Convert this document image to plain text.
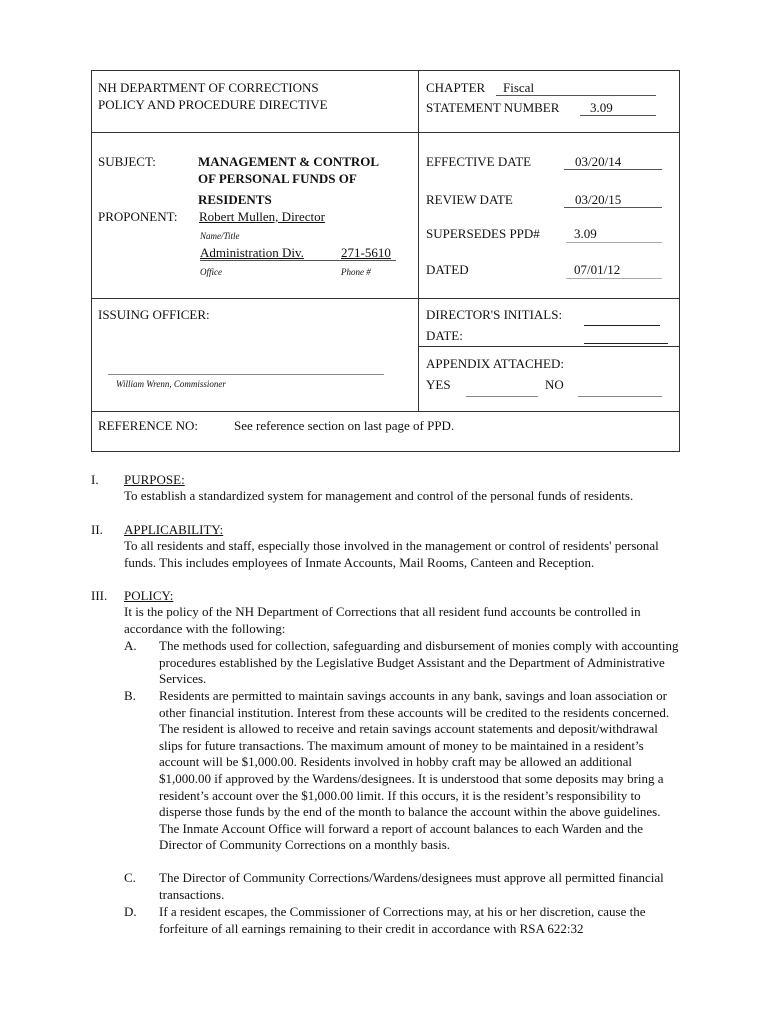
NH DEPARTMENT OF CORRECTIONS
POLICY AND PROCEDURE DIRECTIVE
CHAPTER Fiscal
STATEMENT NUMBER 3.09
SUBJECT:	MANAGEMENT & CONTROL
OF PERSONAL FUNDS OF
RESIDENTS
PROPONENT: Robert Mullen, Director
Name/Title
Administration Div.	271-5610
Office	Phone #
EFFECTIVE DATE	03/20/14
REVIEW DATE	03/20/15
SUPERSEDES PPD#	3.09
DATED	07/01/12
ISSUING OFFICER:
William Wrenn, Commissioner
DIRECTOR'S INITIALS:
DATE:
APPENDIX ATTACHED:
YES	NO
REFERENCE NO:	See reference section on last page of PPD.
I. PURPOSE:
To establish a standardized system for management and control of the personal funds of residents.
II. APPLICABILITY:
To all residents and staff, especially those involved in the management or control of residents' personal funds. This includes employees of Inmate Accounts, Mail Rooms, Canteen and Reception.
III. POLICY:
It is the policy of the NH Department of Corrections that all resident fund accounts be controlled in accordance with the following:
A. The methods used for collection, safeguarding and disbursement of monies comply with accounting procedures established by the Legislative Budget Assistant and the Department of Administrative Services.
B. Residents are permitted to maintain savings accounts in any bank, savings and loan association or other financial institution. Interest from these accounts will be credited to the residents concerned. The resident is allowed to receive and retain savings account statements and deposit/withdrawal slips for future transactions. The maximum amount of money to be maintained in a resident’s account will be $1,000.00. Residents involved in hobby craft may be allowed an additional $1,000.00 if approved by the Wardens/designees. It is understood that some deposits may bring a resident’s account over the $1,000.00 limit. If this occurs, it is the resident’s responsibility to disperse those funds by the end of the month to balance the account within the above guidelines. The Inmate Account Office will forward a report of account balances to each Warden and the Director of Community Corrections on a monthly basis.
C. The Director of Community Corrections/Wardens/designees must approve all permitted financial transactions.
D. If a resident escapes, the Commissioner of Corrections may, at his or her discretion, cause the forfeiture of all earnings remaining to their credit in accordance with RSA 622:32
